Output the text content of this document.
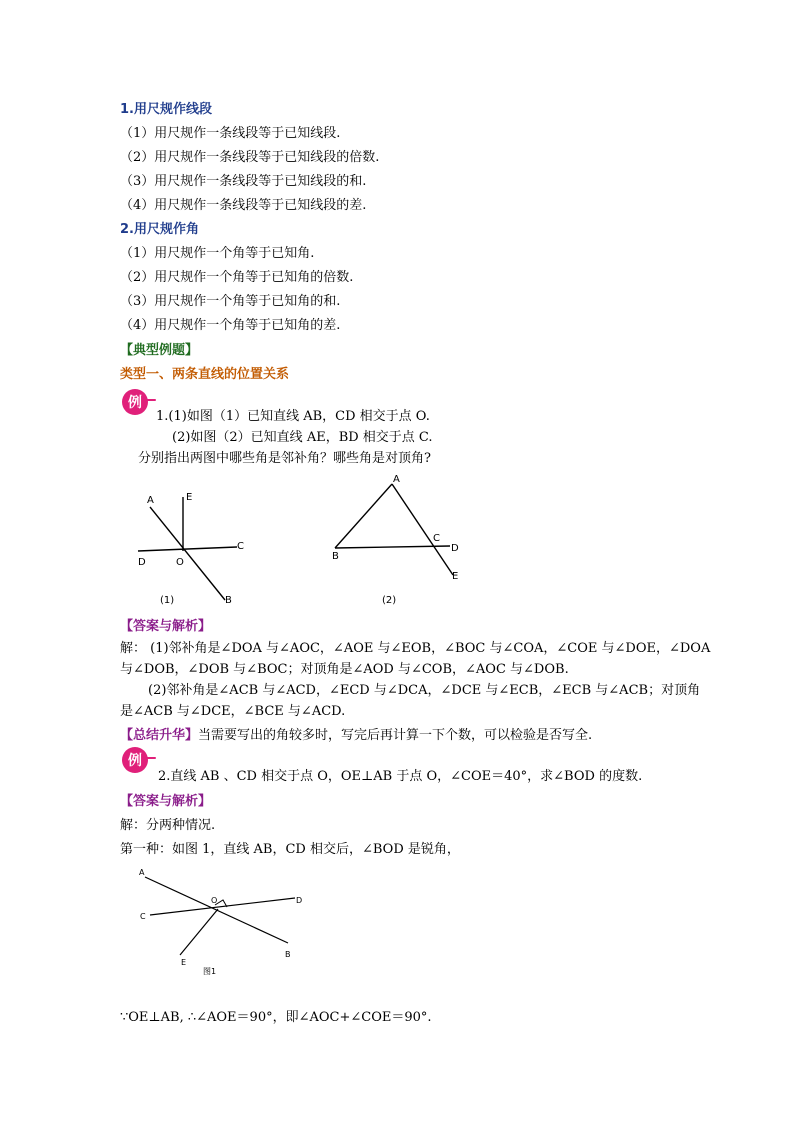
1.用尺规作线段
（1）用尺规作一条线段等于已知线段.
（2）用尺规作一条线段等于已知线段的倍数.
（3）用尺规作一条线段等于已知线段的和.
（4）用尺规作一条线段等于已知线段的差.
2.用尺规作角
（1）用尺规作一个角等于已知角.
（2）用尺规作一个角等于已知角的倍数.
（3）用尺规作一个角等于已知角的和.
（4）用尺规作一个角等于已知角的差.
【典型例题】
类型一、两条直线的位置关系
例
1.(1)如图（1）已知直线 AB，CD 相交于点 O.
(2)如图（2）已知直线 AE，BD 相交于点 C.
分别指出两图中哪些角是邻补角？哪些角是对顶角?
A	E
C
D	O
B
(1)
A
B
C
D
E
(2)
【答案与解析】
解： (1)邻补角是∠DOA 与∠AOC，∠AOE 与∠EOB，∠BOC 与∠COA，∠COE 与∠DOE，∠DOA
与∠DOB，∠DOB 与∠BOC；对顶角是∠AOD 与∠COB，∠AOC 与∠DOB.
(2)邻补角是∠ACB 与∠ACD，∠ECD 与∠DCA，∠DCE 与∠ECB，∠ECB 与∠ACB；对顶角
是∠ACB 与∠DCE，∠BCE 与∠ACD.
【总结升华】当需要写出的角较多时，写完后再计算一下个数，可以检验是否写全.
例
2.直线 AB 、CD 相交于点 O，OE⊥AB 于点 O，∠COE＝40°，求∠BOD 的度数.
【答案与解析】
解：分两种情况.
第一种：如图 1，直线 AB，CD 相交后，∠BOD 是锐角，
A
C
O	D
E
B
图1
∵OE⊥AB, ∴∠AOE＝90°，即∠AOC+∠COE＝90°.
